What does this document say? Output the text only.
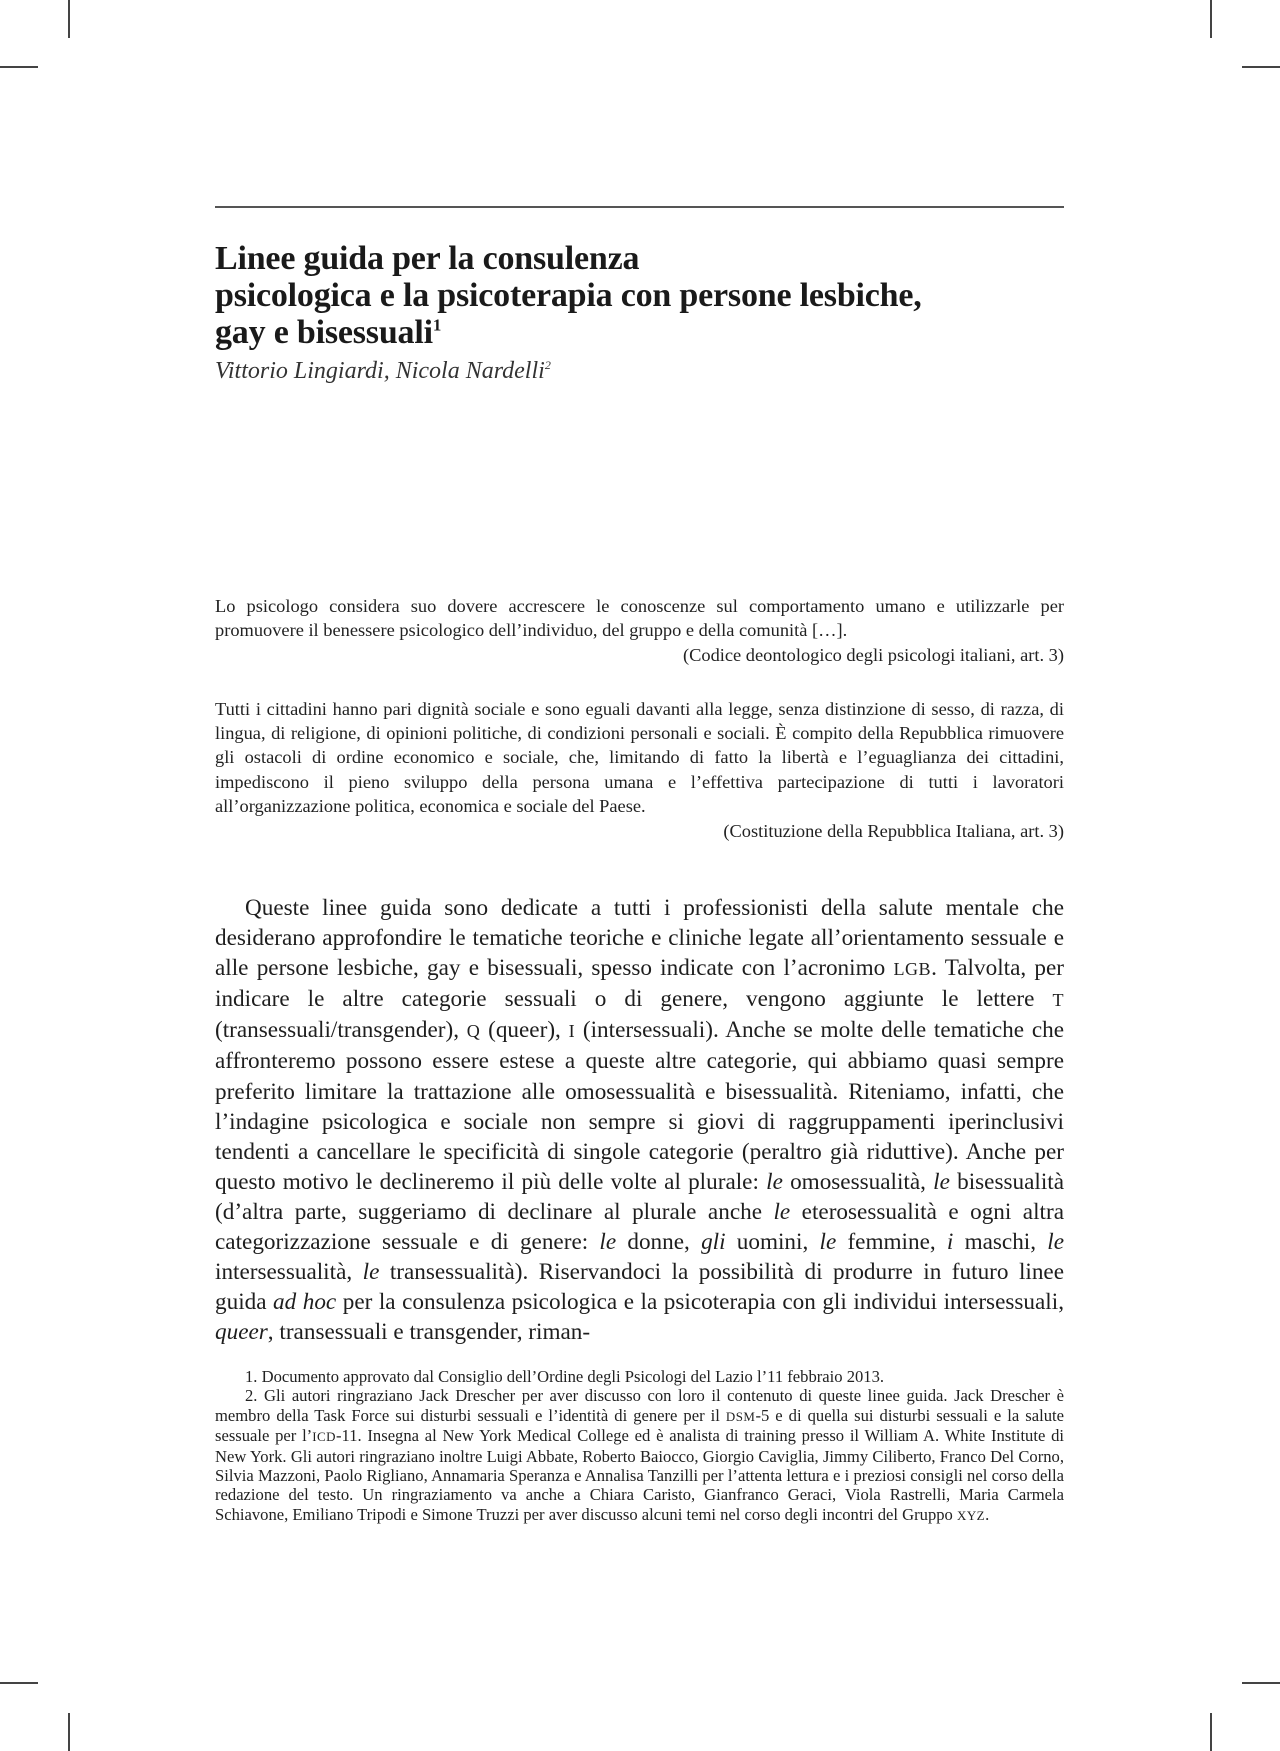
Linee guida per la consulenza
psicologica e la psicoterapia con persone lesbiche,
gay e bisessuali$^1$
Vittorio Lingiardi, Nicola Nardelli$^2$

Lo psicologo considera suo dovere accrescere le conoscenze sul comportamento umano e utilizzarle per promuovere il benessere psicologico dell’individuo, del gruppo e della comunità […].

(Codice deontologico degli psicologi italiani, art. 3)

Tutti i cittadini hanno pari dignità sociale e sono eguali davanti alla legge, senza distinzione di sesso, di razza, di lingua, di religione, di opinioni politiche, di condizioni personali e sociali. È compito della Repubblica rimuovere gli ostacoli di ordine economico e sociale, che, limitando di fatto la libertà e l’eguaglianza dei cittadini, impediscono il pieno sviluppo della persona umana e l’effettiva partecipazione di tutti i lavoratori all’organizzazione politica, economica e sociale del Paese.

(Costituzione della Repubblica Italiana, art. 3)

Queste linee guida sono dedicate a tutti i professionisti della salute mentale che desiderano approfondire le tematiche teoriche e cliniche legate all’orientamento sessuale e alle persone lesbiche, gay e bisessuali, spesso indicate con l’acronimo LGB. Talvolta, per indicare le altre categorie sessuali o di genere, vengono aggiunte le lettere T (transessuali/transgender), Q (queer), I (intersessuali). Anche se molte delle tematiche che affronteremo possono essere estese a queste altre categorie, qui abbiamo quasi sempre preferito limitare la trattazione alle omosessualità e bisessualità. Riteniamo, infatti, che l’indagine psicologica e sociale non sempre si giovi di raggruppamenti iperinclusivi tendenti a cancellare le specificità di singole categorie (peraltro già riduttive). Anche per questo motivo le declineremo il più delle volte al plurale: le omosessualità, le bisessualità (d’altra parte, suggeriamo di declinare al plurale anche le eterosessualità e ogni altra categorizzazione sessuale e di genere: le donne, gli uomini, le femmine, i maschi, le intersessualità, le transessualità). Riservandoci la possibilità di produrre in futuro linee guida ad hoc per la consulenza psicologica e la psicoterapia con gli individui intersessuali, queer, transessuali e transgender, riman-

1. Documento approvato dal Consiglio dell’Ordine degli Psicologi del Lazio l’11 febbraio 2013.

2. Gli autori ringraziano Jack Drescher per aver discusso con loro il contenuto di queste linee guida. Jack Drescher è membro della Task Force sui disturbi sessuali e l’identità di genere per il DSM-5 e di quella sui disturbi sessuali e la salute sessuale per l’ICD-11. Insegna al New York Medical College ed è analista di training presso il William A. White Institute di New York. Gli autori ringraziano inoltre Luigi Abbate, Roberto Baiocco, Giorgio Caviglia, Jimmy Ciliberto, Franco Del Corno, Silvia Mazzoni, Paolo Rigliano, Annamaria Speranza e Annalisa Tanzilli per l’attenta lettura e i preziosi consigli nel corso della redazione del testo. Un ringraziamento va anche a Chiara Caristo, Gianfranco Geraci, Viola Rastrelli, Maria Carmela Schiavone, Emiliano Tripodi e Simone Truzzi per aver discusso alcuni temi nel corso degli incontri del Gruppo XYZ.
